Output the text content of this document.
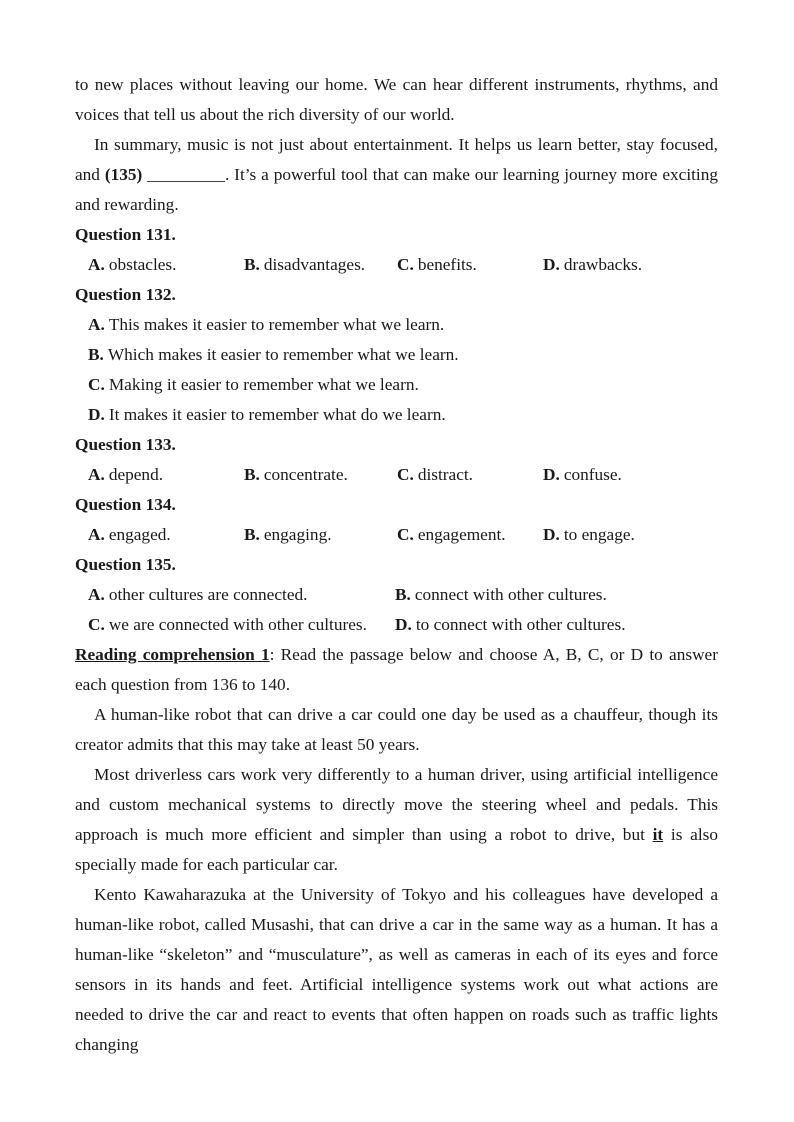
to new places without leaving our home. We can hear different instruments, rhythms, and voices that tell us about the rich diversity of our world.

In summary, music is not just about entertainment. It helps us learn better, stay focused, and (135) _________. It’s a powerful tool that can make our learning journey more exciting and rewarding.

Question 131.

A. obstacles.	B. disadvantages.	C. benefits.	D. drawbacks.

Question 132.

A. This makes it easier to remember what we learn.
B. Which makes it easier to remember what we learn.
C. Making it easier to remember what we learn.
D. It makes it easier to remember what do we learn.

Question 133.

A. depend.	B. concentrate.	C. distract.	D. confuse.

Question 134.

A. engaged.	B. engaging.	C. engagement.	D. to engage.

Question 135.

A. other cultures are connected.	B. connect with other cultures.
C. we are connected with other cultures.	D. to connect with other cultures.

Reading comprehension 1: Read the passage below and choose A, B, C, or D to answer each question from 136 to 140.

A human-like robot that can drive a car could one day be used as a chauffeur, though its creator admits that this may take at least 50 years.

Most driverless cars work very differently to a human driver, using artificial intelligence and custom mechanical systems to directly move the steering wheel and pedals. This approach is much more efficient and simpler than using a robot to drive, but it is also specially made for each particular car.

Kento Kawaharazuka at the University of Tokyo and his colleagues have developed a human-like robot, called Musashi, that can drive a car in the same way as a human. It has a human-like “skeleton” and “musculature”, as well as cameras in each of its eyes and force sensors in its hands and feet. Artificial intelligence systems work out what actions are needed to drive the car and react to events that often happen on roads such as traffic lights changing
